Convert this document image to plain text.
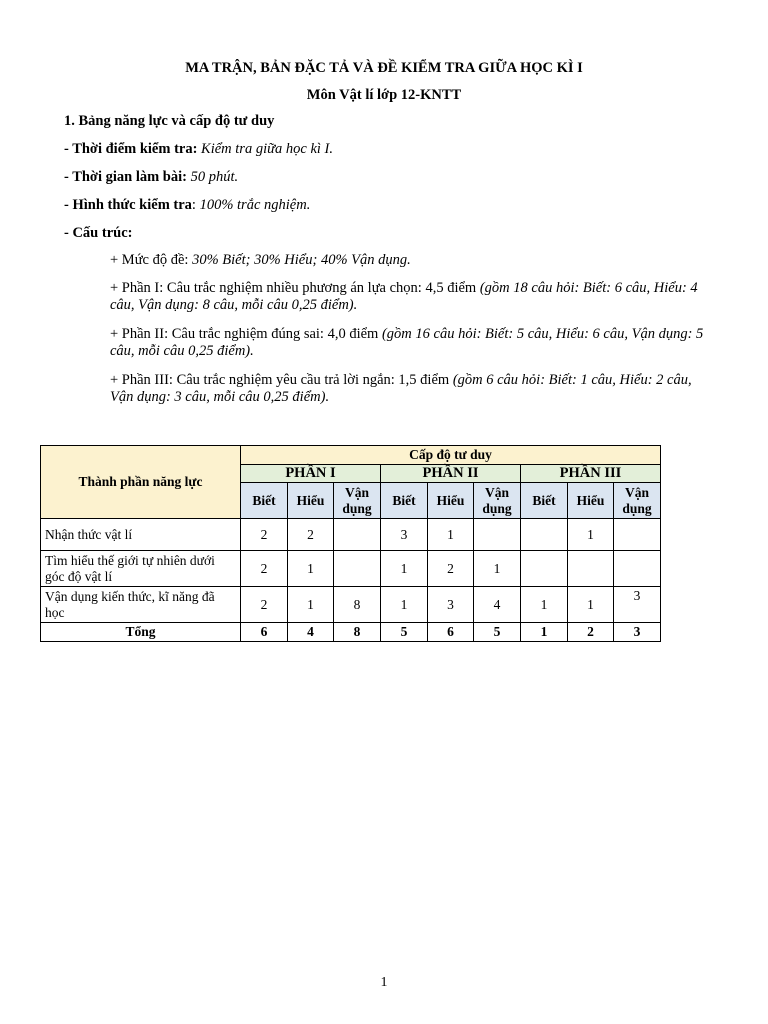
MA TRẬN, BẢN ĐẶC TẢ VÀ ĐỀ KIỂM TRA GIỮA HỌC KÌ I
Môn Vật lí lớp 12-KNTT
1. Bảng năng lực và cấp độ tư duy
- Thời điểm kiểm tra: Kiểm tra giữa học kì I.
- Thời gian làm bài: 50 phút.
- Hình thức kiểm tra: 100% trắc nghiệm.
- Cấu trúc:
+ Mức độ đề: 30% Biết; 30% Hiểu; 40% Vận dụng.
+ Phần I: Câu trắc nghiệm nhiều phương án lựa chọn: 4,5 điểm (gồm 18 câu hỏi: Biết: 6 câu, Hiểu: 4 câu, Vận dụng: 8 câu, mỗi câu 0,25 điểm).
+ Phần II: Câu trắc nghiệm đúng sai: 4,0 điểm (gồm 16 câu hỏi: Biết: 5 câu, Hiểu: 6 câu, Vận dụng: 5 câu, mỗi câu 0,25 điểm).
+ Phần III: Câu trắc nghiệm yêu cầu trả lời ngắn: 1,5 điểm (gồm 6 câu hỏi: Biết: 1 câu, Hiểu: 2 câu, Vận dụng: 3 câu, mỗi câu 0,25 điểm).
Thành phần năng lực	Cấp độ tư duy								
	PHẦN I			PHẦN II			PHẦN III		
	Biết	Hiểu	Vận dụng	Biết	Hiểu	Vận dụng	Biết	Hiểu	Vận dụng
Nhận thức vật lí	2	2		3	1			1	
Tìm hiểu thế giới tự nhiên dưới góc độ vật lí	2	1		1	2	1			
Vận dụng kiến thức, kĩ năng đã học	2	1	8	1	3	4	1	1	3
Tổng	6	4	8	5	6	5	1	2	3
1
